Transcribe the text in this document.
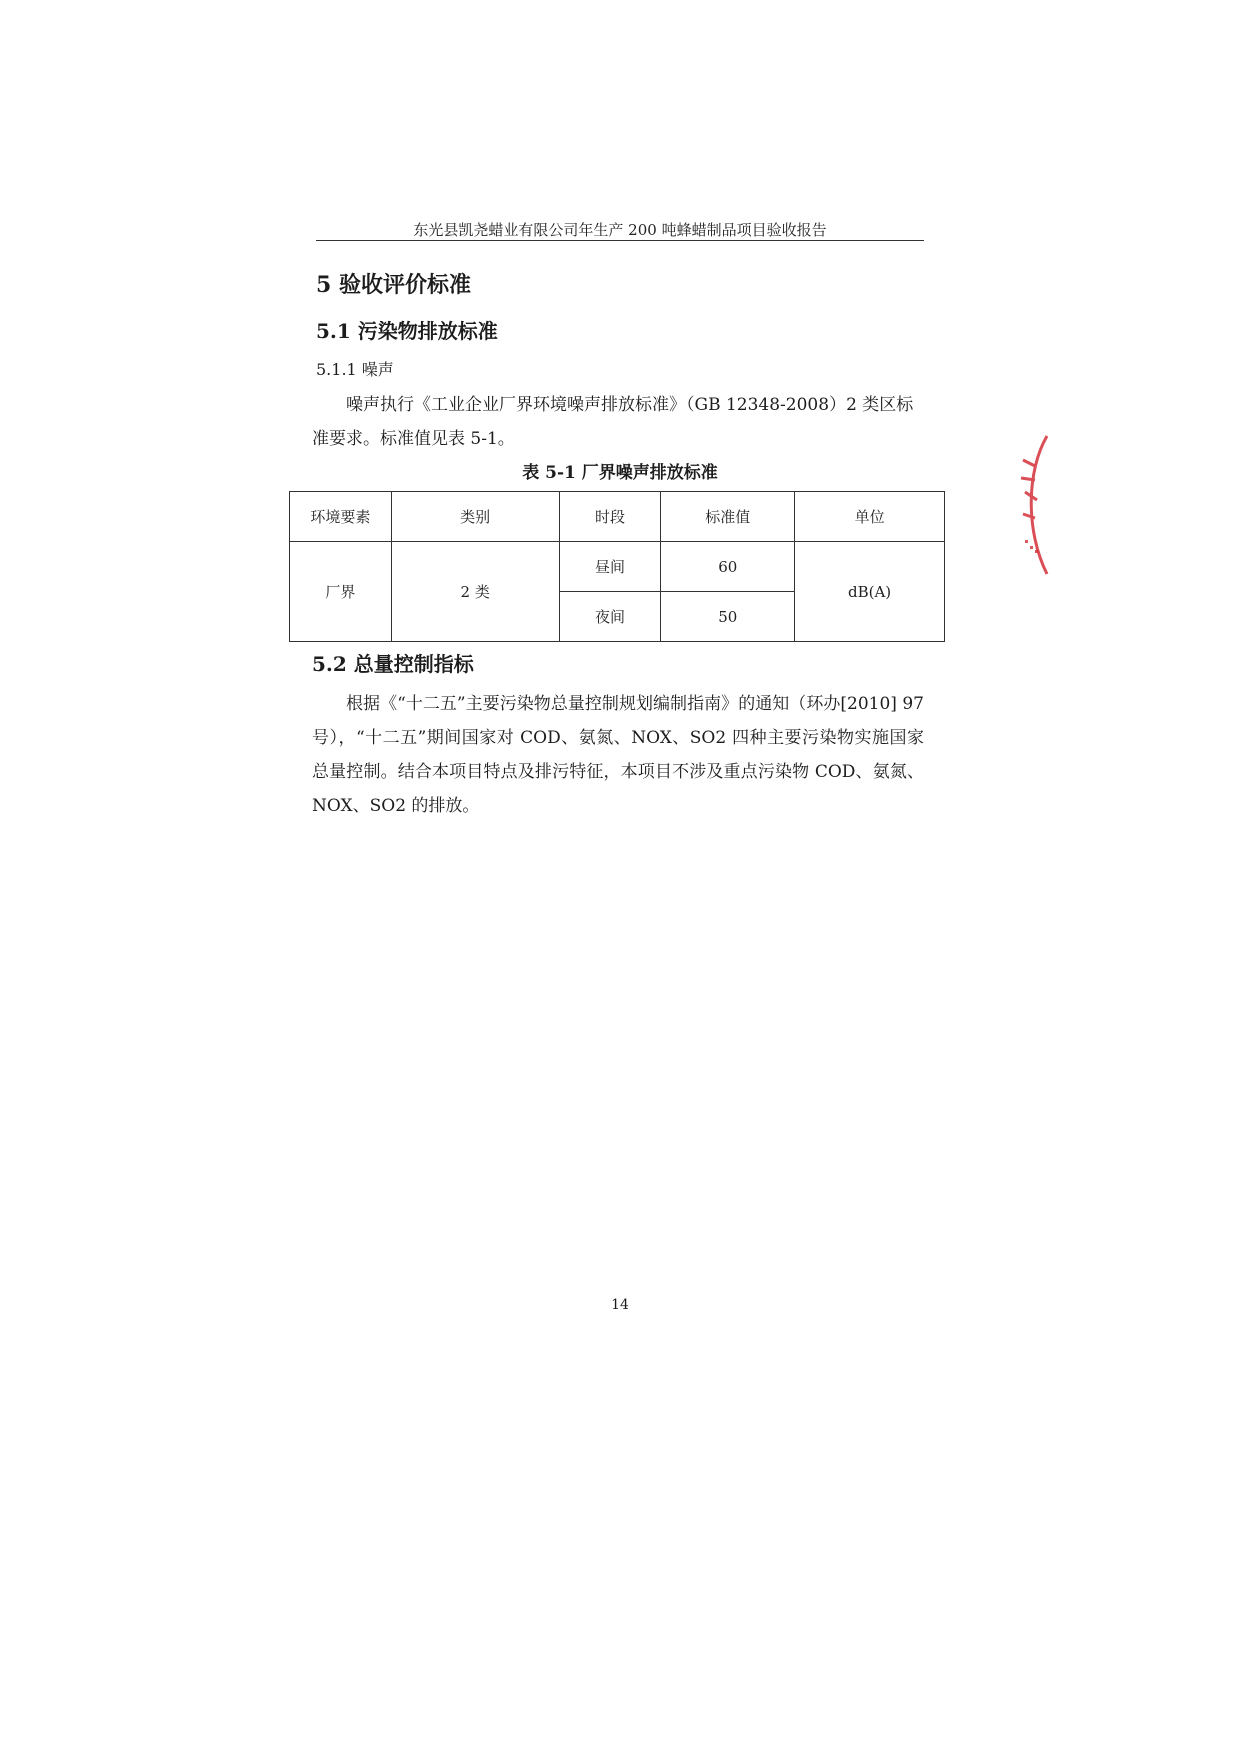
东光县凯尧蜡业有限公司年生产 200 吨蜂蜡制品项目验收报告
5 验收评价标准
5.1 污染物排放标准
5.1.1 噪声

噪声执行《工业企业厂界环境噪声排放标准》（GB 12348-2008）2 类区标

准要求。标准值见表 5-1。

表 5-1 厂界噪声排放标准
环境要素	类别	时段	标准值	单位
厂界	2 类	昼间	60	dB(A)
		夜间	50	
5.2 总量控制指标

根据《“十二五”主要污染物总量控制规划编制指南》的通知（环办[2010] 97 号），“十二五”期间国家对 COD、氨氮、NOX、SO2 四种主要污染物实施国家总量控制。结合本项目特点及排污特征，本项目不涉及重点污染物 COD、氨氮、NOX、SO2 的排放。

14
